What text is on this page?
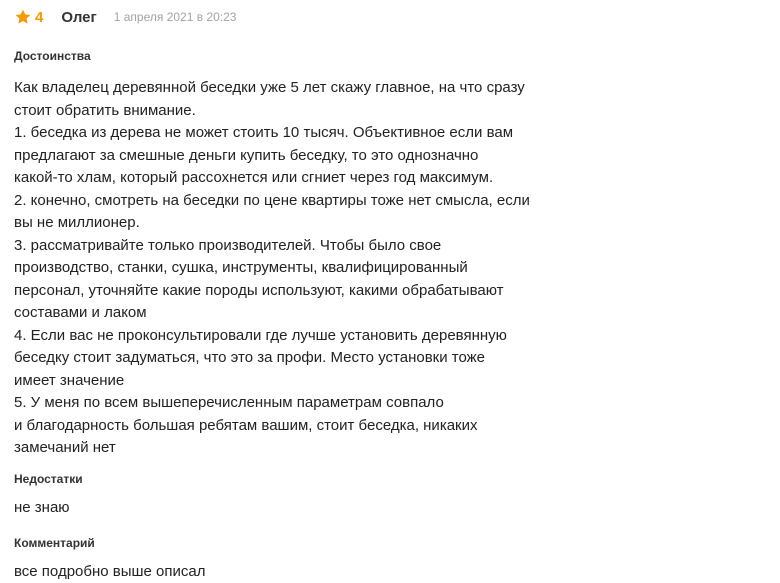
4 Олег 1 апреля 2021 в 20:23
Достоинства

Как владелец деревянной беседки уже 5 лет скажу главное, на что сразу
стоит обратить внимание.
1. беседка из дерева не может стоить 10 тысяч. Объективное если вам
предлагают за смешные деньги купить беседку, то это однозначно
какой-то хлам, который рассохнется или сгниет через год максимум.
2. конечно, смотреть на беседки по цене квартиры тоже нет смысла, если
вы не миллионер.
3. рассматривайте только производителей. Чтобы было свое
производство, станки, сушка, инструменты, квалифицированный
персонал, уточняйте какие породы используют, какими обрабатывают
составами и лаком
4. Если вас не проконсультировали где лучше установить деревянную
беседку стоит задуматься, что это за профи. Место установки тоже
имеет значение
5. У меня по всем вышеперечисленным параметрам совпало
и благодарность большая ребятам вашим, стоит беседка, никаких
замечаний нет

Недостатки

не знаю

Комментарий

все подробно выше описал
